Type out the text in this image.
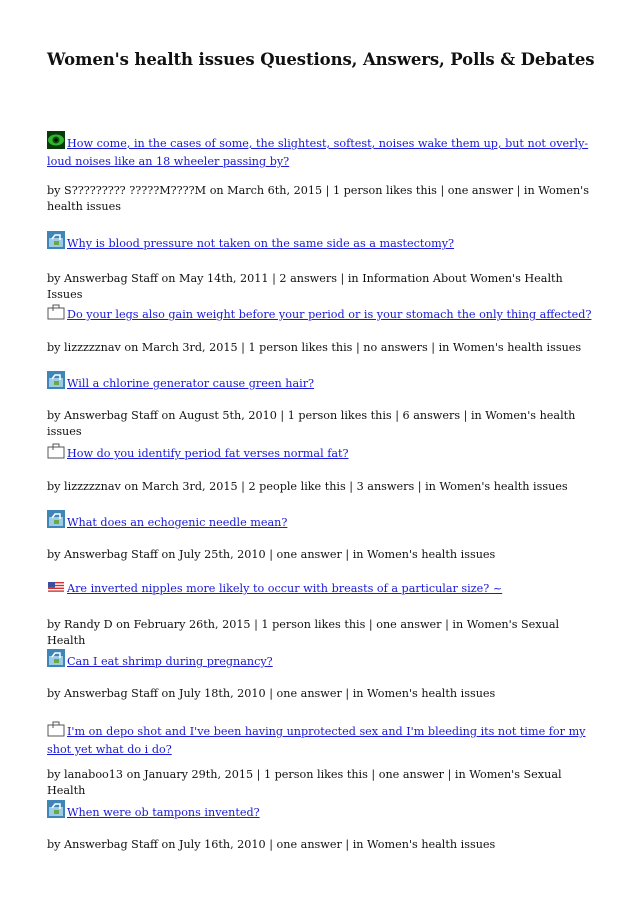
Women's health issues Questions, Answers, Polls & Debates

How come, in the cases of some, the slightest, softest, noises wake them up, but not overly-loud noises like an 18 wheeler passing by?

by S????????? ?????M????M on March 6th, 2015 | 1 person likes this | one answer | in Women's health issues

Why is blood pressure not taken on the same side as a mastectomy?

by Answerbag Staff on May 14th, 2011 | 2 answers | in Information About Women's Health Issues

Do your legs also gain weight before your period or is your stomach the only thing affected?

by lizzzzznav on March 3rd, 2015 | 1 person likes this | no answers | in Women's health issues

Will a chlorine generator cause green hair?

by Answerbag Staff on August 5th, 2010 | 1 person likes this | 6 answers | in Women's health issues

How do you identify period fat verses normal fat?

by lizzzzznav on March 3rd, 2015 | 2 people like this | 3 answers | in Women's health issues

What does an echogenic needle mean?

by Answerbag Staff on July 25th, 2010 | one answer | in Women's health issues

Are inverted nipples more likely to occur with breasts of a particular size? ~

by Randy D on February 26th, 2015 | 1 person likes this | one answer | in Women's Sexual Health

Can I eat shrimp during pregnancy?

by Answerbag Staff on July 18th, 2010 | one answer | in Women's health issues

I'm on depo shot and I've been having unprotected sex and I'm bleeding its not time for my shot yet what do i do?

by lanaboo13 on January 29th, 2015 | 1 person likes this | one answer | in Women's Sexual Health

When were ob tampons invented?

by Answerbag Staff on July 16th, 2010 | one answer | in Women's health issues
